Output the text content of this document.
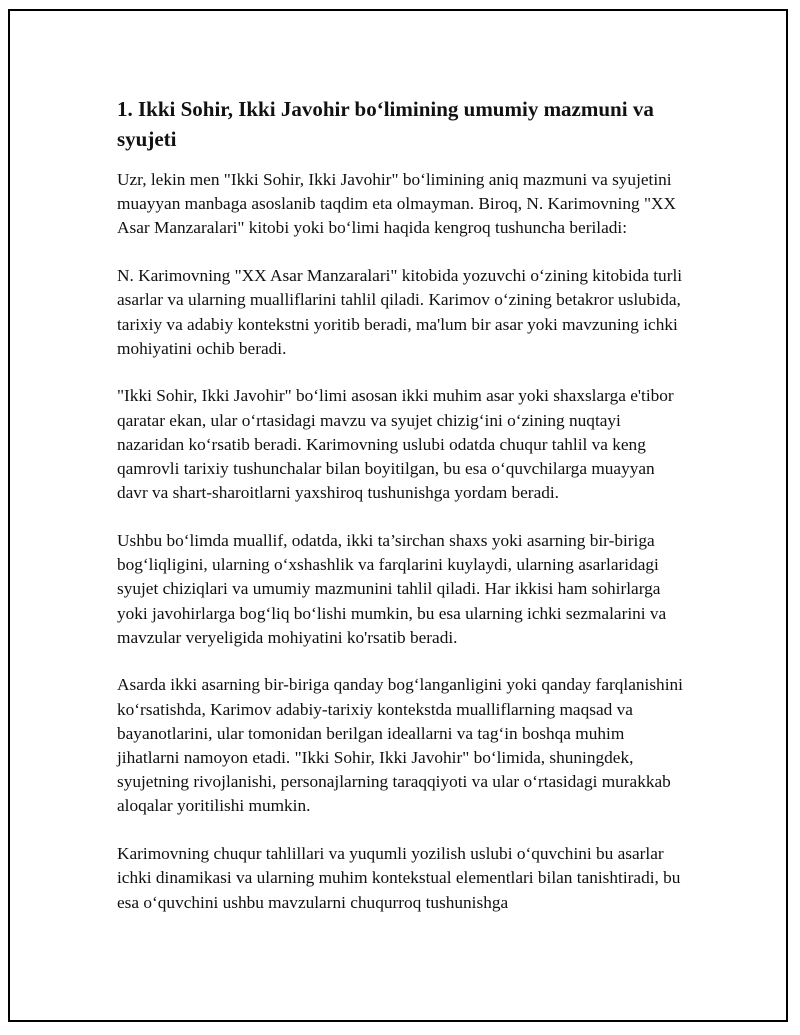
1. Ikki Sohir, Ikki Javohir bo‘limining umumiy mazmuni va syujeti

Uzr, lekin men "Ikki Sohir, Ikki Javohir" bo‘limining aniq mazmuni va syujetini muayyan manbaga asoslanib taqdim eta olmayman. Biroq, N. Karimovning "XX Asar Manzaralari" kitobi yoki bo‘limi haqida kengroq tushuncha beriladi:

N. Karimovning "XX Asar Manzaralari" kitobida yozuvchi o‘zining kitobida turli asarlar va ularning mualliflarini tahlil qiladi. Karimov o‘zining betakror uslubida, tarixiy va adabiy kontekstni yoritib beradi, ma'lum bir asar yoki mavzuning ichki mohiyatini ochib beradi.

"Ikki Sohir, Ikki Javohir" bo‘limi asosan ikki muhim asar yoki shaxslarga e'tibor qaratar ekan, ular o‘rtasidagi mavzu va syujet chizig‘ini o‘zining nuqtayi nazaridan ko‘rsatib beradi. Karimovning uslubi odatda chuqur tahlil va keng qamrovli tarixiy tushunchalar bilan boyitilgan, bu esa o‘quvchilarga muayyan davr va shart-sharoitlarni yaxshiroq tushunishga yordam beradi.

Ushbu bo‘limda muallif, odatda, ikki ta’sirchan shaxs yoki asarning bir-biriga bog‘liqligini, ularning o‘xshashlik va farqlarini kuylaydi, ularning asarlaridagi syujet chiziqlari va umumiy mazmunini tahlil qiladi. Har ikkisi ham sohirlarga yoki javohirlarga bog‘liq bo‘lishi mumkin, bu esa ularning ichki sezmalarini va mavzular veryeligida mohiyatini ko'rsatib beradi.

Asarda ikki asarning bir-biriga qanday bog‘langanligini yoki qanday farqlanishini ko‘rsatishda, Karimov adabiy-tarixiy kontekstda mualliflarning maqsad va bayanotlarini, ular tomonidan berilgan ideallarni va tag‘in boshqa muhim jihatlarni namoyon etadi. "Ikki Sohir, Ikki Javohir" bo‘limida, shuningdek, syujetning rivojlanishi, personajlarning taraqqiyoti va ular o‘rtasidagi murakkab aloqalar yoritilishi mumkin.

Karimovning chuqur tahlillari va yuqumli yozilish uslubi o‘quvchini bu asarlar ichki dinamikasi va ularning muhim kontekstual elementlari bilan tanishtiradi, bu esa o‘quvchini ushbu mavzularni chuqurroq tushunishga
